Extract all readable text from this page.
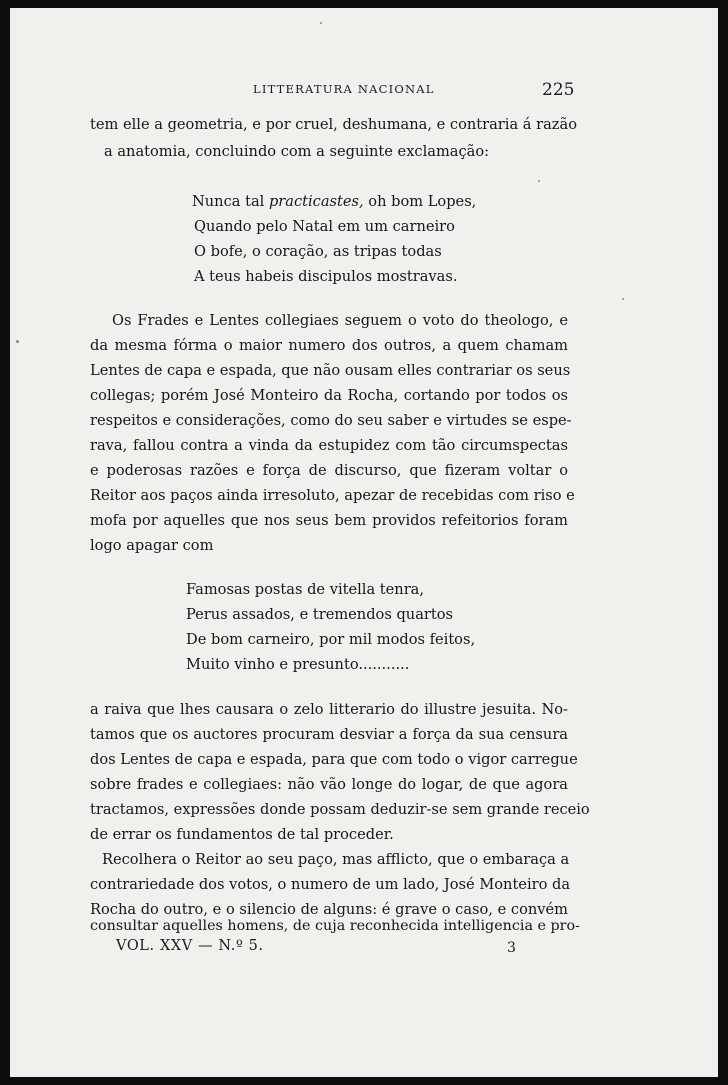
LITTERATURA NACIONAL	225
tem elle a geometria, e por cruel, deshumana, e contraria á razão
a anatomia, concluindo com a seguinte exclamação:
Nunca tal practicastes, oh bom Lopes,
Quando pelo Natal em um carneiro
O bofe, o coração, as tripas todas
A teus habeis discipulos mostravas.
Os Frades e Lentes collegiaes seguem o voto do theologo, e
da mesma fórma o maior numero dos outros, a quem chamam
Lentes de capa e espada, que não ousam elles contrariar os seus
collegas; porém José Monteiro da Rocha, cortando por todos os
respeitos e considerações, como do seu saber e virtudes se espe-
rava, fallou contra a vinda da estupidez com tão circumspectas
e poderosas razões e força de discurso, que fizeram voltar o
Reitor aos paços ainda irresoluto, apezar de recebidas com riso e
mofa por aquelles que nos seus bem providos refeitorios foram
logo apagar com
Famosas postas de vitella tenra,
Perus assados, e tremendos quartos
De bom carneiro, por mil modos feitos,
Muito vinho e presunto...........
a raiva que lhes causara o zelo litterario do illustre jesuita. No-
tamos que os auctores procuram desviar a força da sua censura
dos Lentes de capa e espada, para que com todo o vigor carregue
sobre frades e collegiaes: não vão longe do logar, de que agora
tractamos, expressões donde possam deduzir-se sem grande receio
de errar os fundamentos de tal proceder.
Recolhera o Reitor ao seu paço, mas afflicto, que o embaraça a
contrariedade dos votos, o numero de um lado, José Monteiro da
Rocha do outro, e o silencio de alguns: é grave o caso, e convém
consultar aquelles homens, de cuja reconhecida intelligencia e pro-
VOL. XXV — N.º 5.	3
